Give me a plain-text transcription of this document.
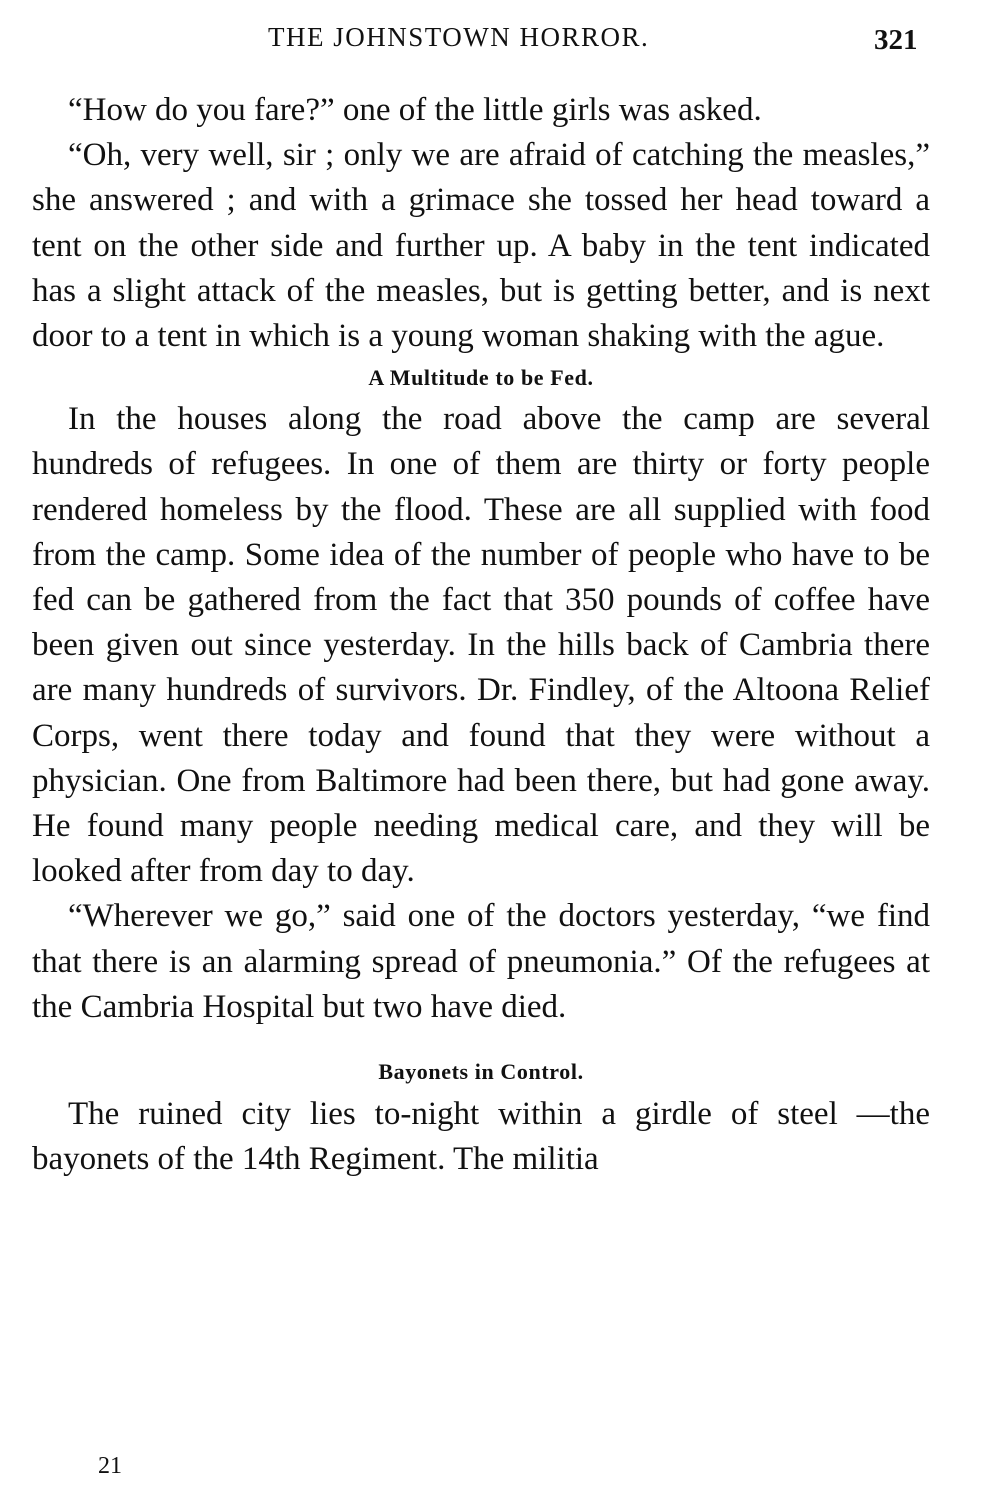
THE JOHNSTOWN HORROR.	321

“How do you fare?” one of the little girls was asked.

“Oh, very well, sir ; only we are afraid of catching the measles,” she answered ; and with a grimace she tossed her head toward a tent on the other side and further up. A baby in the tent indicated has a slight attack of the measles, but is getting better, and is next door to a tent in which is a young woman shaking with the ague.

A Multitude to be Fed.

In the houses along the road above the camp are several hundreds of refugees. In one of them are thirty or forty people rendered homeless by the flood. These are all supplied with food from the camp. Some idea of the number of people who have to be fed can be gathered from the fact that 350 pounds of coffee have been given out since yesterday. In the hills back of Cambria there are many hundreds of survivors. Dr. Findley, of the Altoona Relief Corps, went there today and found that they were without a physician. One from Baltimore had been there, but had gone away. He found many people needing medical care, and they will be looked after from day to day.

“Wherever we go,” said one of the doctors yesterday, “we find that there is an alarming spread of pneumonia.” Of the refugees at the Cambria Hospital but two have died.

Bayonets in Control.

The ruined city lies to-night within a girdle of steel —the bayonets of the 14th Regiment. The militia

21
